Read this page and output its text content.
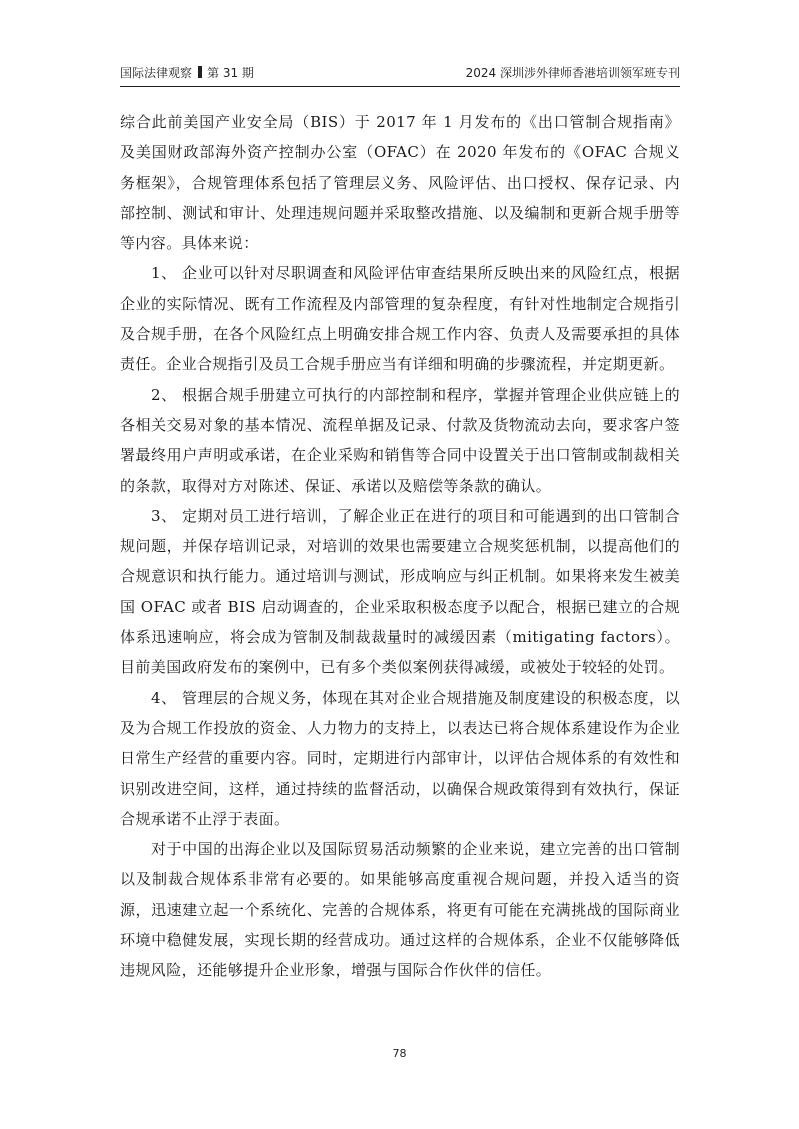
国际法律观察 第 31 期	2024 深圳涉外律师香港培训领军班专刊

综合此前美国产业安全局（BIS）于 2017 年 1 月发布的《出口管制合规指南》及美国财政部海外资产控制办公室（OFAC）在 2020 年发布的《OFAC 合规义务框架》，合规管理体系包括了管理层义务、风险评估、出口授权、保存记录、内部控制、测试和审计、处理违规问题并采取整改措施、以及编制和更新合规手册等等内容。具体来说：

1、 企业可以针对尽职调查和风险评估审查结果所反映出来的风险红点，根据企业的实际情况、既有工作流程及内部管理的复杂程度，有针对性地制定合规指引及合规手册，在各个风险红点上明确安排合规工作内容、负责人及需要承担的具体责任。企业合规指引及员工合规手册应当有详细和明确的步骤流程，并定期更新。

2、 根据合规手册建立可执行的内部控制和程序，掌握并管理企业供应链上的各相关交易对象的基本情况、流程单据及记录、付款及货物流动去向，要求客户签署最终用户声明或承诺，在企业采购和销售等合同中设置关于出口管制或制裁相关的条款，取得对方对陈述、保证、承诺以及赔偿等条款的确认。

3、 定期对员工进行培训，了解企业正在进行的项目和可能遇到的出口管制合规问题，并保存培训记录，对培训的效果也需要建立合规奖惩机制，以提高他们的合规意识和执行能力。通过培训与测试，形成响应与纠正机制。如果将来发生被美国 OFAC 或者 BIS 启动调查的，企业采取积极态度予以配合，根据已建立的合规体系迅速响应，将会成为管制及制裁裁量时的减缓因素（mitigating factors）。目前美国政府发布的案例中，已有多个类似案例获得减缓，或被处于较轻的处罚。

4、 管理层的合规义务，体现在其对企业合规措施及制度建设的积极态度，以及为合规工作投放的资金、人力物力的支持上，以表达已将合规体系建设作为企业日常生产经营的重要内容。同时，定期进行内部审计，以评估合规体系的有效性和识别改进空间，这样，通过持续的监督活动，以确保合规政策得到有效执行，保证合规承诺不止浮于表面。

对于中国的出海企业以及国际贸易活动频繁的企业来说，建立完善的出口管制以及制裁合规体系非常有必要的。如果能够高度重视合规问题，并投入适当的资源，迅速建立起一个系统化、完善的合规体系，将更有可能在充满挑战的国际商业环境中稳健发展，实现长期的经营成功。通过这样的合规体系，企业不仅能够降低违规风险，还能够提升企业形象，增强与国际合作伙伴的信任。

78
